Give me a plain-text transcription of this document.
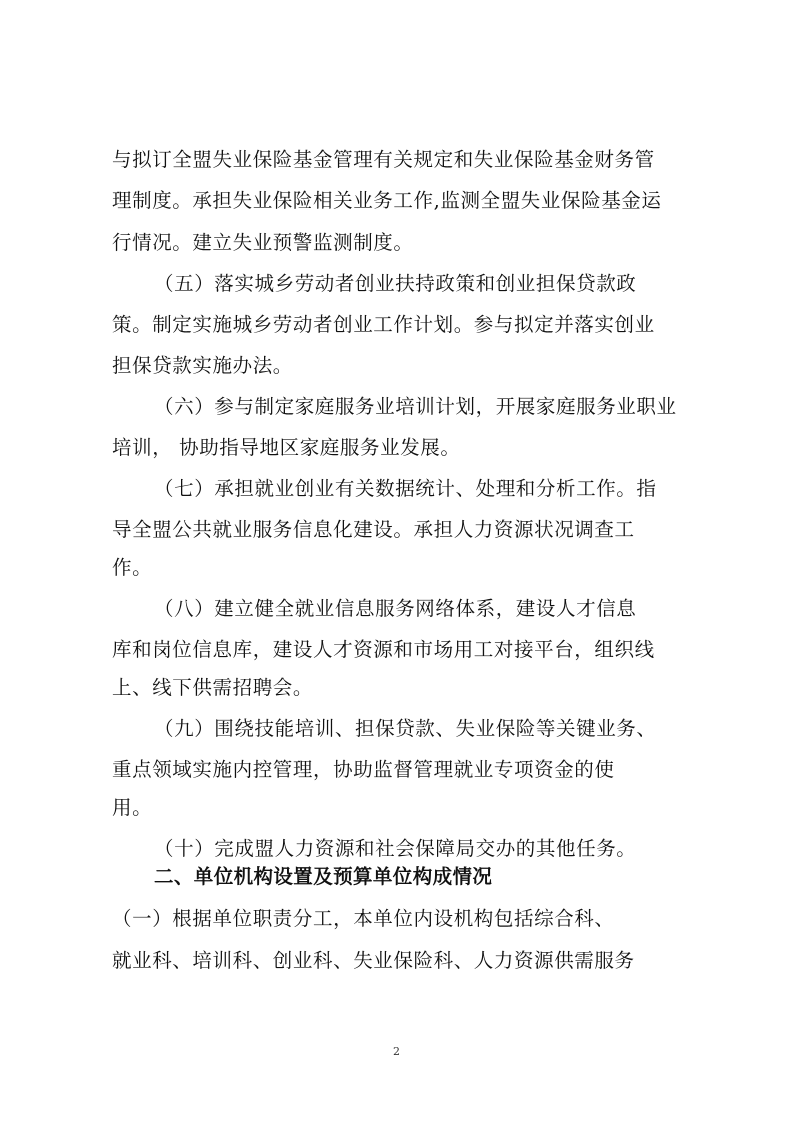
与拟订全盟失业保险基金管理有关规定和失业保险基金财务管
理制度。承担失业保险相关业务工作,监测全盟失业保险基金运
行情况。建立失业预警监测制度。
（五）落实城乡劳动者创业扶持政策和创业担保贷款政
策。制定实施城乡劳动者创业工作计划。参与拟定并落实创业
担保贷款实施办法。
（六）参与制定家庭服务业培训计划，开展家庭服务业职业
培训， 协助指导地区家庭服务业发展。
（七）承担就业创业有关数据统计、处理和分析工作。指
导全盟公共就业服务信息化建设。承担人力资源状况调查工
作。
（八）建立健全就业信息服务网络体系，建设人才信息
库和岗位信息库，建设人才资源和市场用工对接平台，组织线
上、线下供需招聘会。
（九）围绕技能培训、担保贷款、失业保险等关键业务、
重点领域实施内控管理，协助监督管理就业专项资金的使
用。
（十）完成盟人力资源和社会保障局交办的其他任务。
二、单位机构设置及预算单位构成情况
（一）根据单位职责分工，本单位内设机构包括综合科、
就业科、培训科、创业科、失业保险科、人力资源供需服务
2
